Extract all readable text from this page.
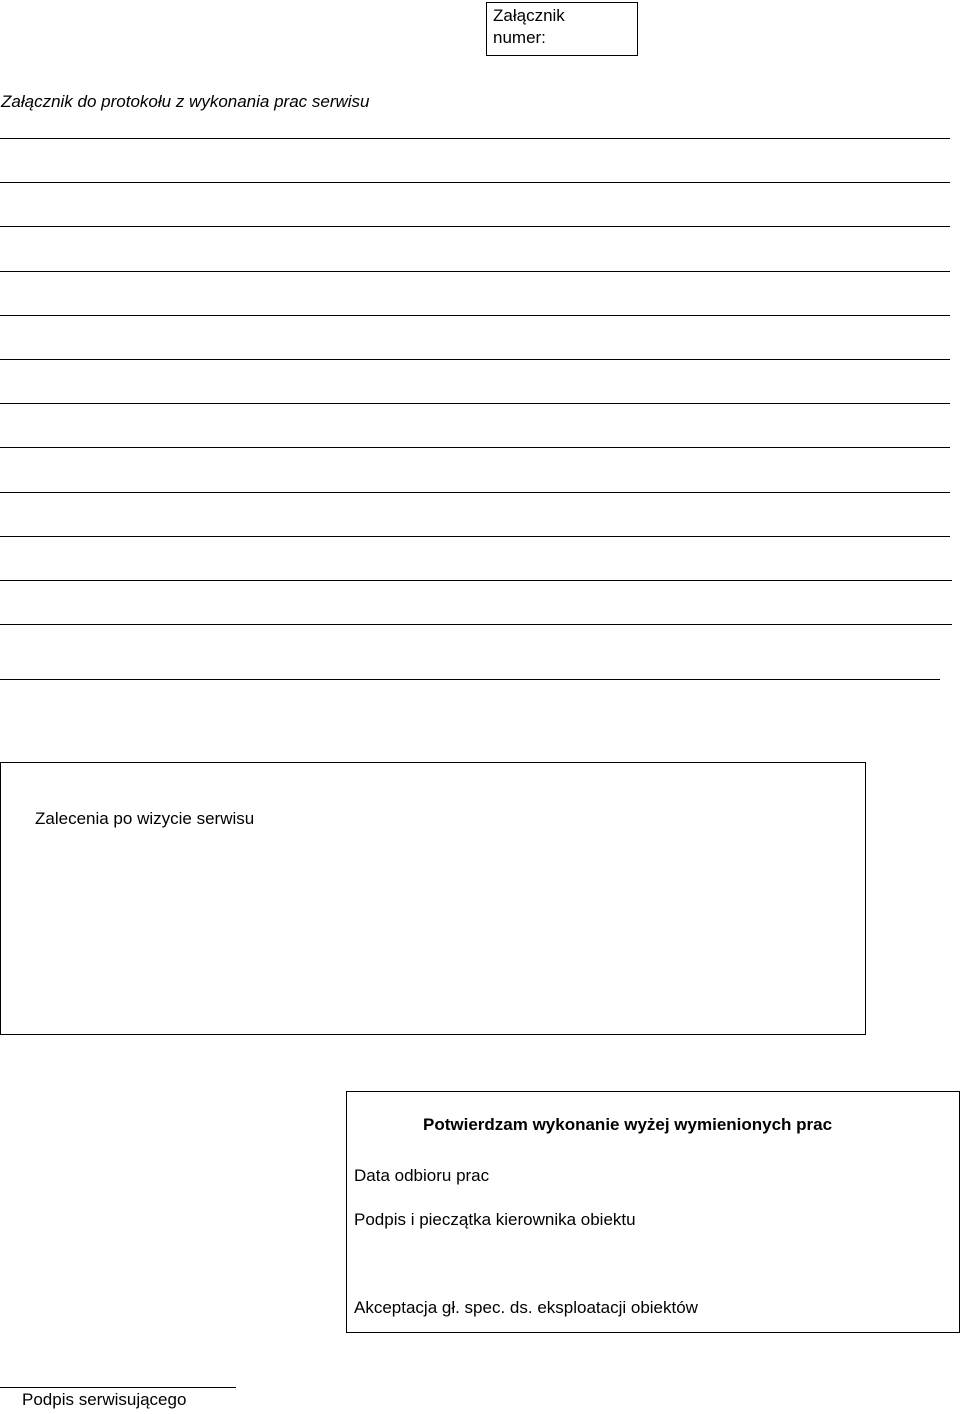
Załącznik
numer:
Załącznik do protokołu z wykonania prac serwisu
Zalecenia po wizycie serwisu
Potwierdzam wykonanie wyżej wymienionych prac
Data odbioru prac
Podpis i pieczątka kierownika obiektu
Akceptacja gł. spec. ds. eksploatacji obiektów
Podpis serwisującego
